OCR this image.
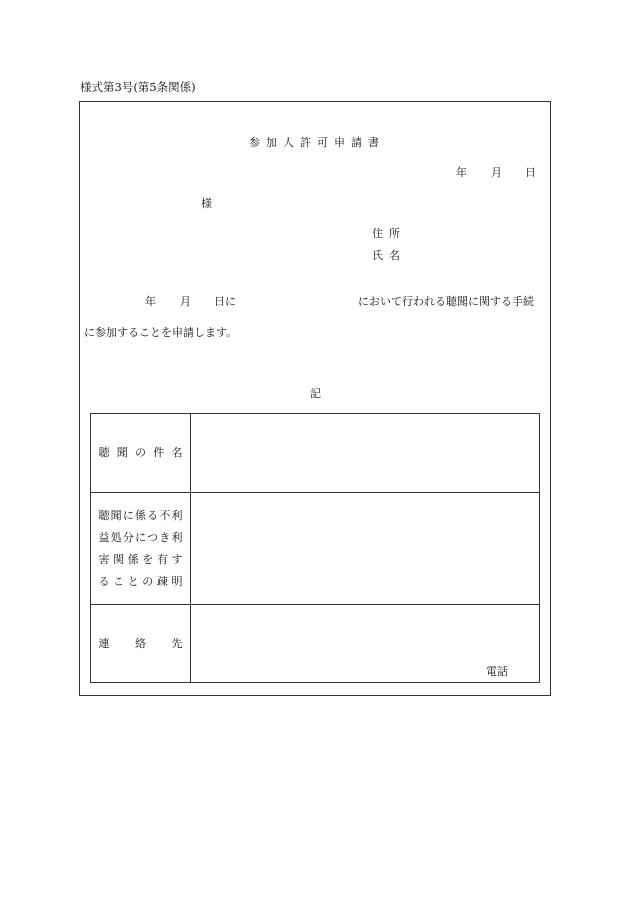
様式第3号(第5条関係)
参加人許可申請書
年 月 日
様
住所
氏名
年 月 日に	において行われる聴聞に関する手続
に参加することを申請します。
記
聴聞の件名	

聴聞に係る不利
益処分につき利
害関係を有す
ることの疎明	

連絡先	電話
